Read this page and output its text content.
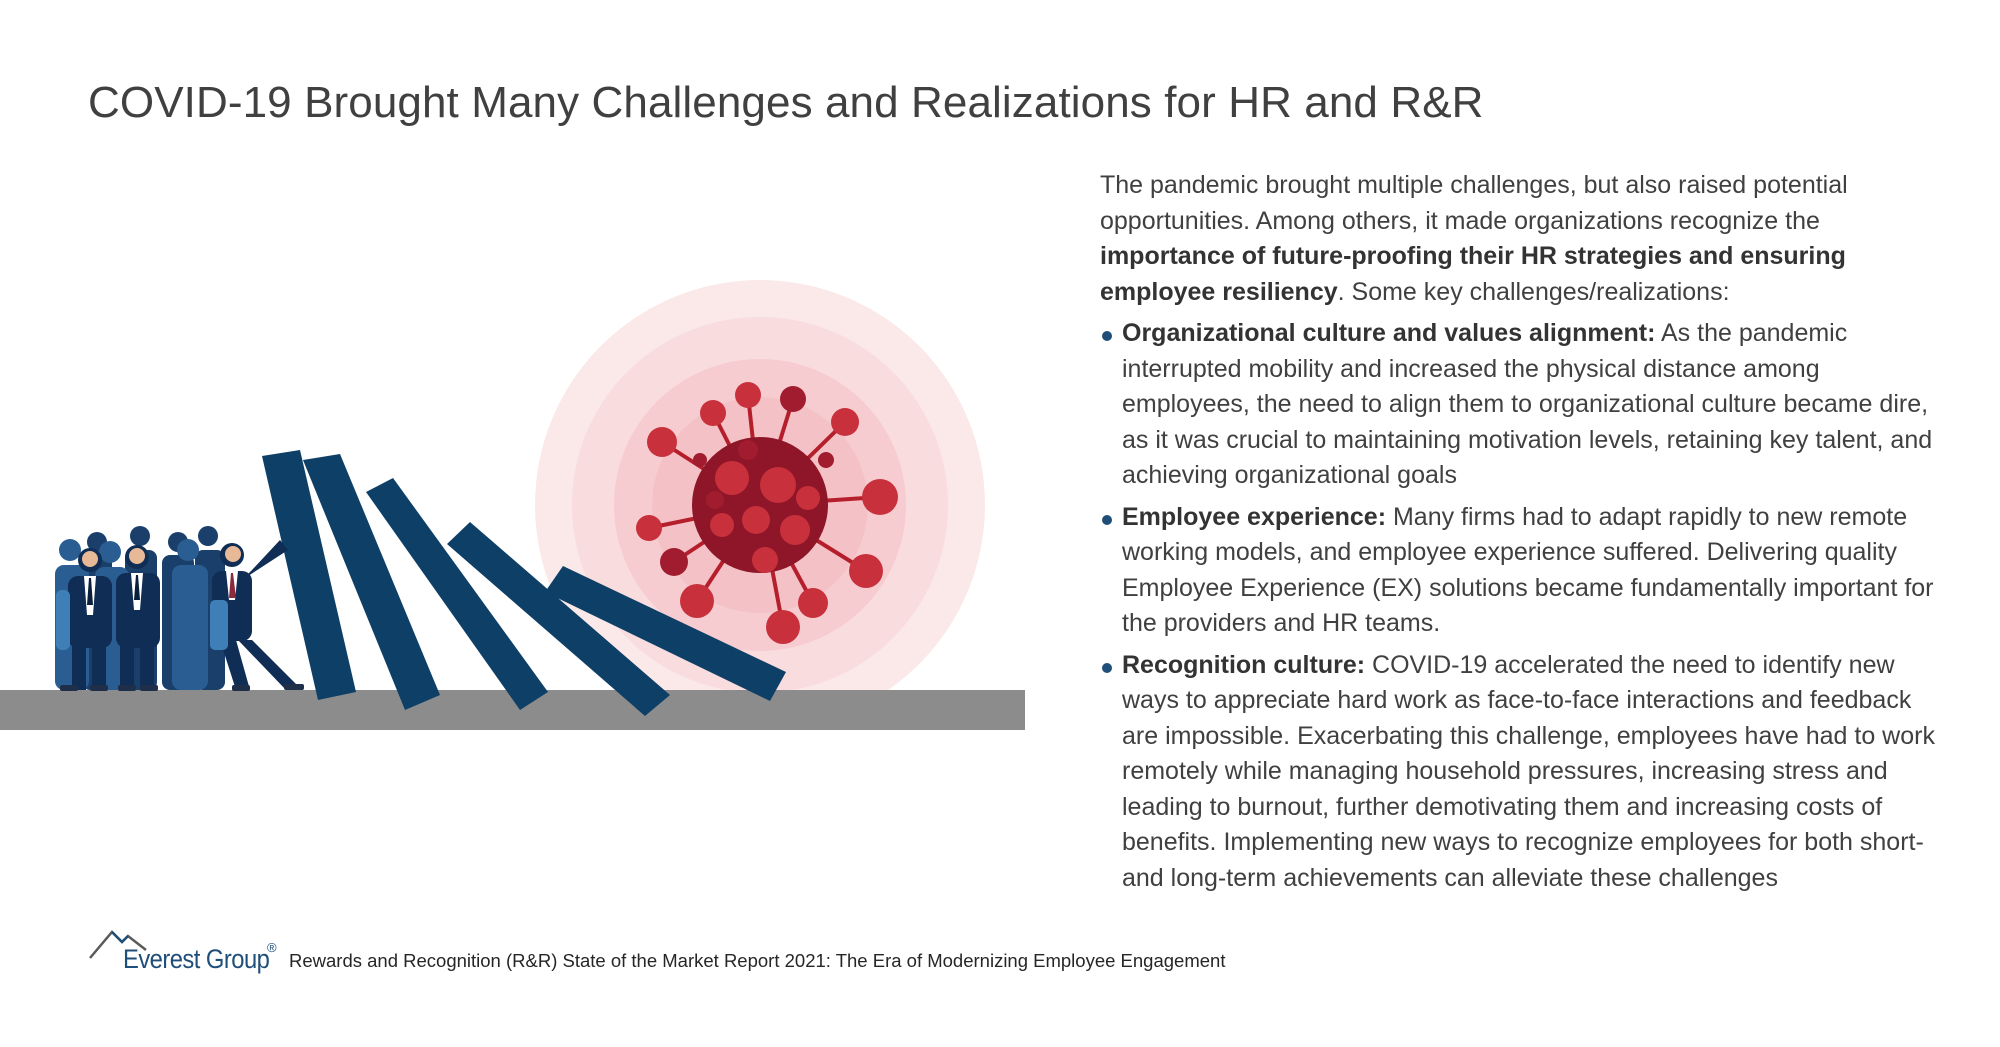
COVID-19 Brought Many Challenges and Realizations for HR and R&R

The pandemic brought multiple challenges, but also raised potential opportunities. Among others, it made organizations recognize the importance of future-proofing their HR strategies and ensuring employee resiliency. Some key challenges/realizations:

Organizational culture and values alignment: As the pandemic interrupted mobility and increased the physical distance among employees, the need to align them to organizational culture became dire, as it was crucial to maintaining motivation levels, retaining key talent, and achieving organizational goals
Employee experience: Many firms had to adapt rapidly to new remote working models, and employee experience suffered. Delivering quality Employee Experience (EX) solutions became fundamentally important for the providers and HR teams.
Recognition culture: COVID-19 accelerated the need to identify new ways to appreciate hard work as face-to-face interactions and feedback are impossible. Exacerbating this challenge, employees have had to work remotely while managing household pressures, increasing stress and leading to burnout, further demotivating them and increasing costs of benefits. Implementing new ways to recognize employees for both short- and long-term achievements can alleviate these challenges
Everest Group
®
Rewards and Recognition (R&R) State of the Market Report 2021: The Era of Modernizing Employee Engagement
